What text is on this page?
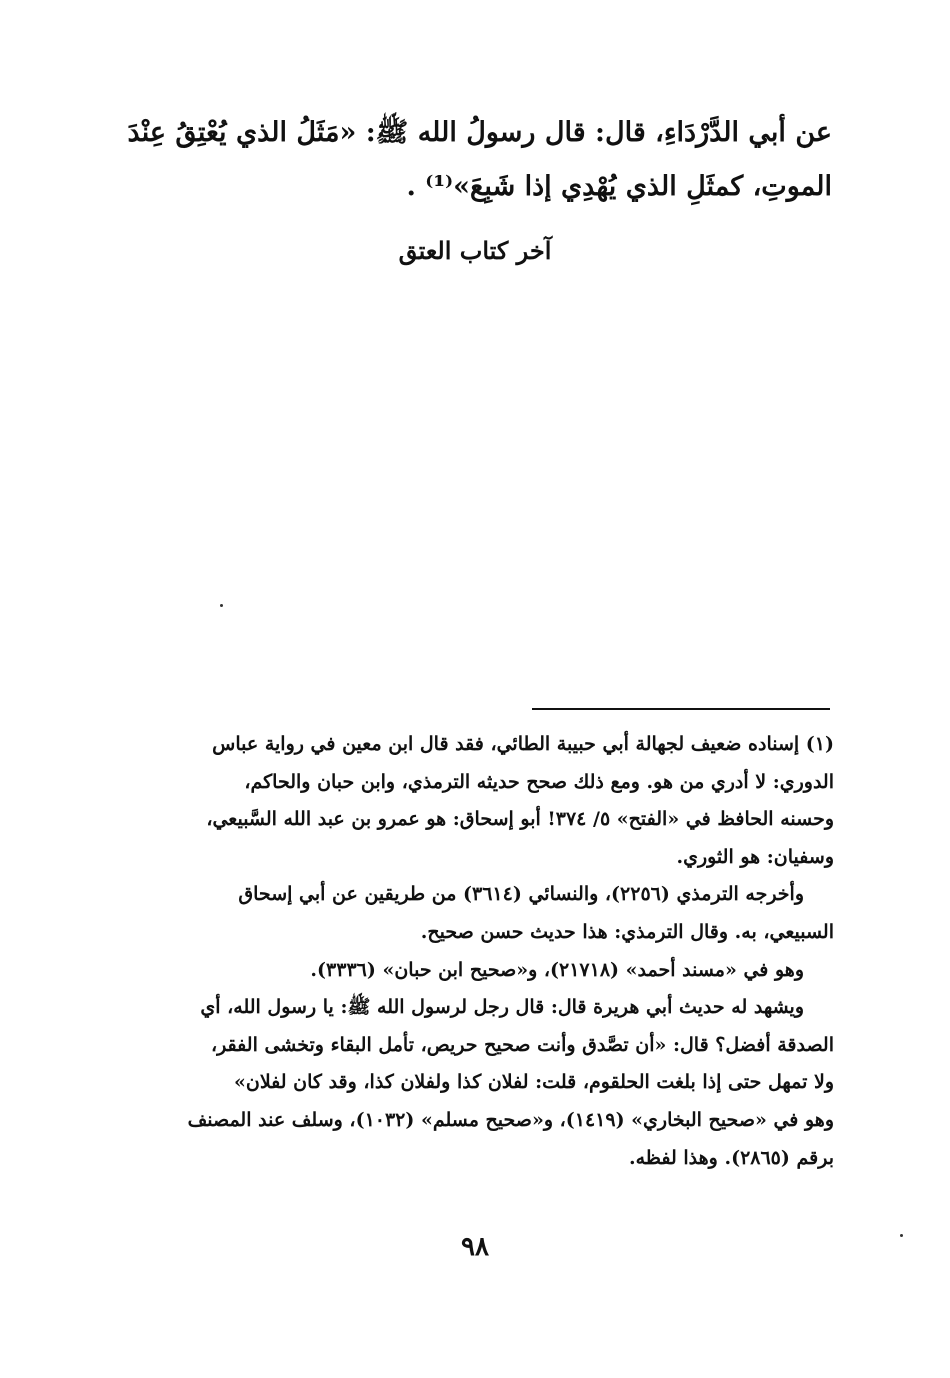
عن أبي الدَّرْدَاءِ، قال: قال رسولُ الله ﷺ: «مَثَلُ الذي يُعْتِقُ عِنْدَ
الموتِ، كمثَلِ الذي يُهْدِي إذا شَبِعَ»⁽¹⁾ .
آخر كتاب العتق

(١) إسناده ضعيف لجهالة أبي حبيبة الطائي، فقد قال ابن معين في رواية عباس
الدوري: لا أدري من هو. ومع ذلك صحح حديثه الترمذي، وابن حبان والحاكم،
وحسنه الحافظ في «الفتح» ٥/ ٣٧٤! أبو إسحاق: هو عمرو بن عبد الله السَّبيعي،
وسفيان: هو الثوري.

وأخرجه الترمذي (٢٢٥٦)، والنسائي (٣٦١٤) من طريقين عن أبي إسحاق
السبيعي، به. وقال الترمذي: هذا حديث حسن صحيح.

وهو في «مسند أحمد» (٢١٧١٨)، و«صحيح ابن حبان» (٣٣٣٦).

ويشهد له حديث أبي هريرة قال: قال رجل لرسول الله ﷺ: يا رسول الله، أي
الصدقة أفضل؟ قال: «أن تصَّدق وأنت صحيح حريص، تأمل البقاء وتخشى الفقر،
ولا تمهل حتى إذا بلغت الحلقوم، قلت: لفلان كذا ولفلان كذا، وقد كان لفلان»
وهو في «صحيح البخاري» (١٤١٩)، و«صحيح مسلم» (١٠٣٢)، وسلف عند المصنف
برقم (٢٨٦٥). وهذا لفظه.

٩٨
